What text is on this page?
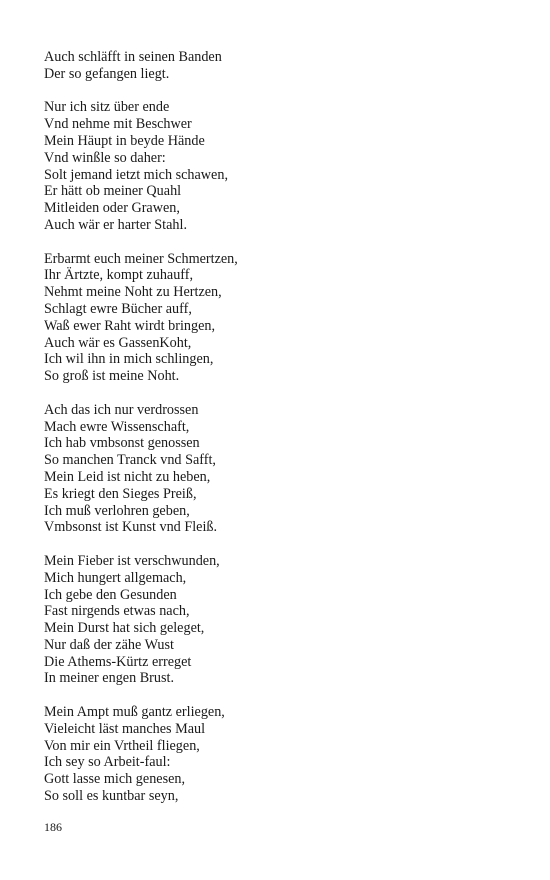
Auch schläfft in seinen Banden
Der so gefangen liegt.
Nur ich sitz über ende
Vnd nehme mit Beschwer
Mein Häupt in beyde Hände
Vnd winßle so daher:
Solt jemand ietzt mich schawen,
Er hätt ob meiner Quahl
Mitleiden oder Grawen,
Auch wär er harter Stahl.
Erbarmt euch meiner Schmertzen,
Ihr Ärtzte, kompt zuhauff,
Nehmt meine Noht zu Hertzen,
Schlagt ewre Bücher auff,
Waß ewer Raht wirdt bringen,
Auch wär es GassenKoht,
Ich wil ihn in mich schlingen,
So groß ist meine Noht.
Ach das ich nur verdrossen
Mach ewre Wissenschaft,
Ich hab vmbsonst genossen
So manchen Tranck vnd Safft,
Mein Leid ist nicht zu heben,
Es kriegt den Sieges Preiß,
Ich muß verlohren geben,
Vmbsonst ist Kunst vnd Fleiß.
Mein Fieber ist verschwunden,
Mich hungert allgemach,
Ich gebe den Gesunden
Fast nirgends etwas nach,
Mein Durst hat sich geleget,
Nur daß der zähe Wust
Die Athems-Kürtz erreget
In meiner engen Brust.
Mein Ampt muß gantz erliegen,
Vieleicht läst manches Maul
Von mir ein Vrtheil fliegen,
Ich sey so Arbeit-faul:
Gott lasse mich genesen,
So soll es kuntbar seyn,
186
